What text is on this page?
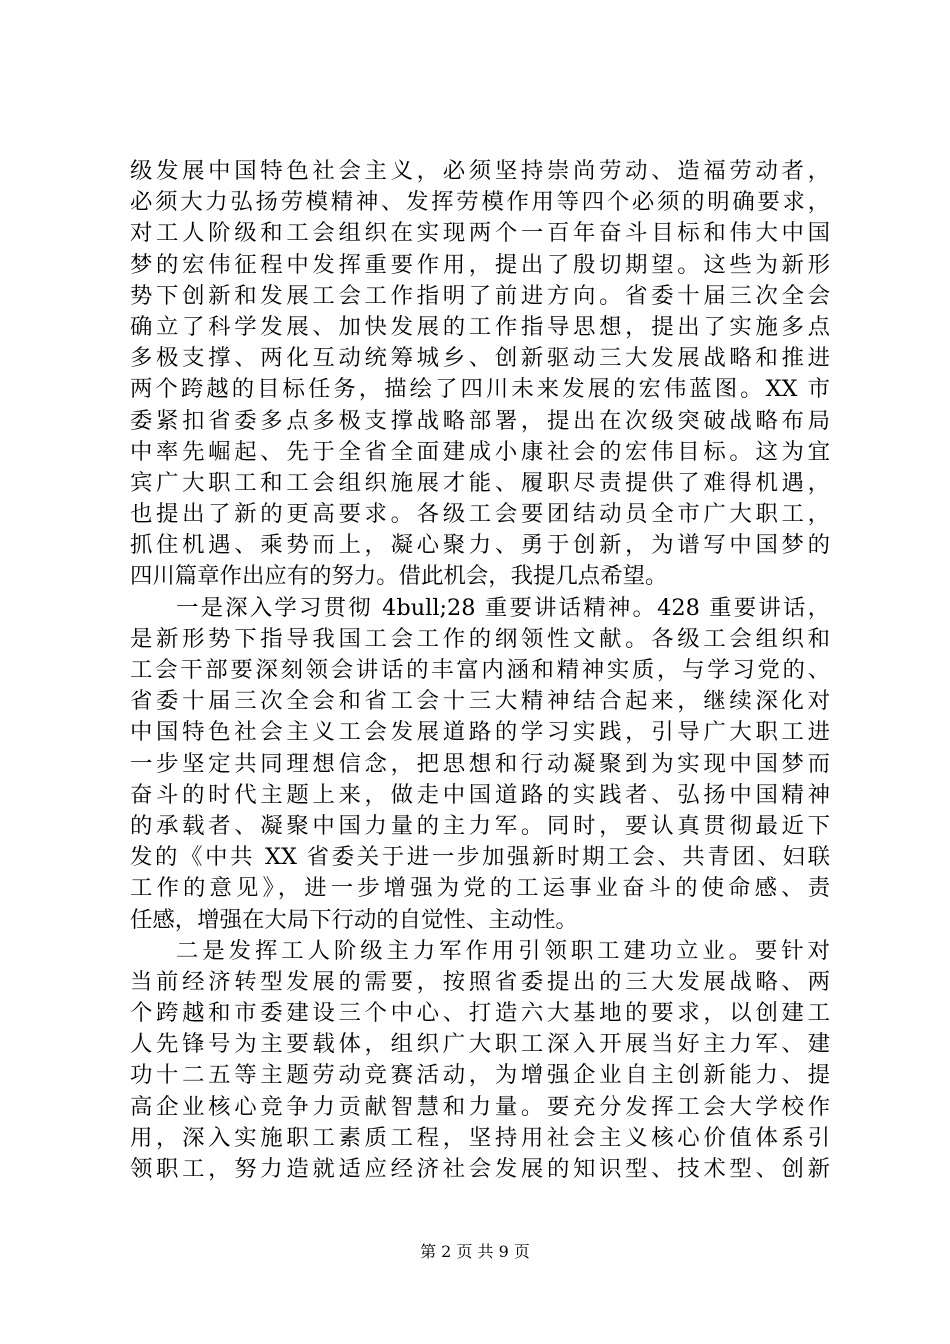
级发展中国特色社会主义，必须坚持崇尚劳动、造福劳动者，
必须大力弘扬劳模精神、发挥劳模作用等四个必须的明确要求，
对工人阶级和工会组织在实现两个一百年奋斗目标和伟大中国
梦的宏伟征程中发挥重要作用，提出了殷切期望。这些为新形
势下创新和发展工会工作指明了前进方向。省委十届三次全会
确立了科学发展、加快发展的工作指导思想，提出了实施多点
多极支撑、两化互动统筹城乡、创新驱动三大发展战略和推进
两个跨越的目标任务，描绘了四川未来发展的宏伟蓝图。XX 市
委紧扣省委多点多极支撑战略部署，提出在次级突破战略布局
中率先崛起、先于全省全面建成小康社会的宏伟目标。这为宜
宾广大职工和工会组织施展才能、履职尽责提供了难得机遇，
也提出了新的更高要求。各级工会要团结动员全市广大职工，
抓住机遇、乘势而上，凝心聚力、勇于创新，为谱写中国梦的
四川篇章作出应有的努力。借此机会，我提几点希望。
一是深入学习贯彻 4bull;28 重要讲话精神。428 重要讲话，
是新形势下指导我国工会工作的纲领性文献。各级工会组织和
工会干部要深刻领会讲话的丰富内涵和精神实质，与学习党的、
省委十届三次全会和省工会十三大精神结合起来，继续深化对
中国特色社会主义工会发展道路的学习实践，引导广大职工进
一步坚定共同理想信念，把思想和行动凝聚到为实现中国梦而
奋斗的时代主题上来，做走中国道路的实践者、弘扬中国精神
的承载者、凝聚中国力量的主力军。同时，要认真贯彻最近下
发的《中共 XX 省委关于进一步加强新时期工会、共青团、妇联
工作的意见》，进一步增强为党的工运事业奋斗的使命感、责
任感，增强在大局下行动的自觉性、主动性。
二是发挥工人阶级主力军作用引领职工建功立业。要针对
当前经济转型发展的需要，按照省委提出的三大发展战略、两
个跨越和市委建设三个中心、打造六大基地的要求，以创建工
人先锋号为主要载体，组织广大职工深入开展当好主力军、建
功十二五等主题劳动竞赛活动，为增强企业自主创新能力、提
高企业核心竞争力贡献智慧和力量。要充分发挥工会大学校作
用，深入实施职工素质工程，坚持用社会主义核心价值体系引
领职工，努力造就适应经济社会发展的知识型、技术型、创新
第 2 页 共 9 页
